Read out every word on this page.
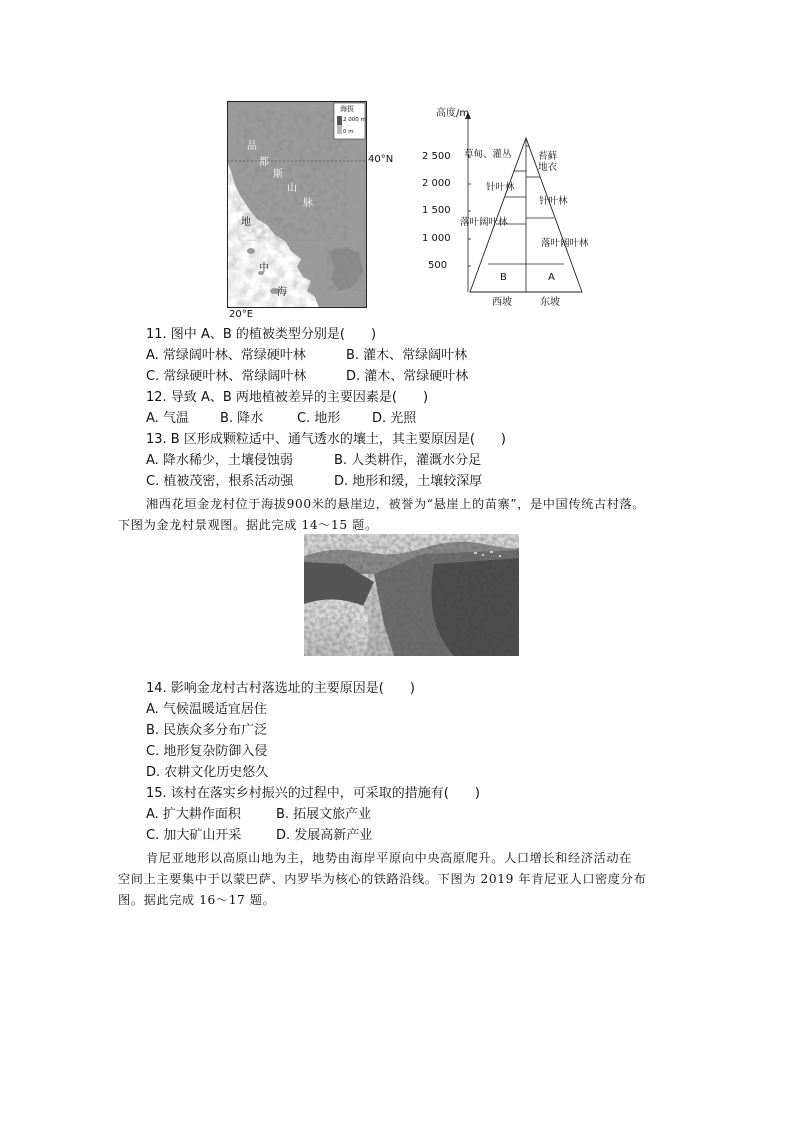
海拔
2 000 m
0 m
品
都
斯
山
脉
地
中
海
40°N
20°E
高度/m
2 500
2 000
1 500
1 000
500
草甸、灌丛
针叶林
落叶阔叶林
B
苔藓
地衣
针叶林
落叶阔叶林
A
西坡	东坡
11. 图中 A、B 的植被类型分别是(　　)
A. 常绿阔叶林、常绿硬叶林	B. 灌木、常绿阔叶林
C. 常绿硬叶林、常绿阔叶林	D. 灌木、常绿硬叶林
12. 导致 A、B 两地植被差异的主要因素是(　　)
A. 气温 B. 降水	C. 地形 D. 光照
13. B 区形成颗粒适中、通气透水的壤土，其主要原因是(　　)
A. 降水稀少，土壤侵蚀弱	B. 人类耕作，灌溉水分足
C. 植被茂密，根系活动强	D. 地形和缓，土壤较深厚
湘西花垣金龙村位于海拔900米的悬崖边，被誉为“悬崖上的苗寨”，是中国传统古村落。
下图为金龙村景观图。据此完成 14～15 题。
14. 影响金龙村古村落选址的主要原因是(　　)
A. 气候温暖适宜居住
B. 民族众多分布广泛
C. 地形复杂防御入侵
D. 农耕文化历史悠久
15. 该村在落实乡村振兴的过程中，可采取的措施有(　　)
A. 扩大耕作面积	B. 拓展文旅产业
C. 加大矿山开采	D. 发展高新产业
肯尼亚地形以高原山地为主，地势由海岸平原向中央高原爬升。人口增长和经济活动在
空间上主要集中于以蒙巴萨、内罗毕为核心的铁路沿线。下图为 2019 年肯尼亚人口密度分布
图。据此完成 16～17 题。
